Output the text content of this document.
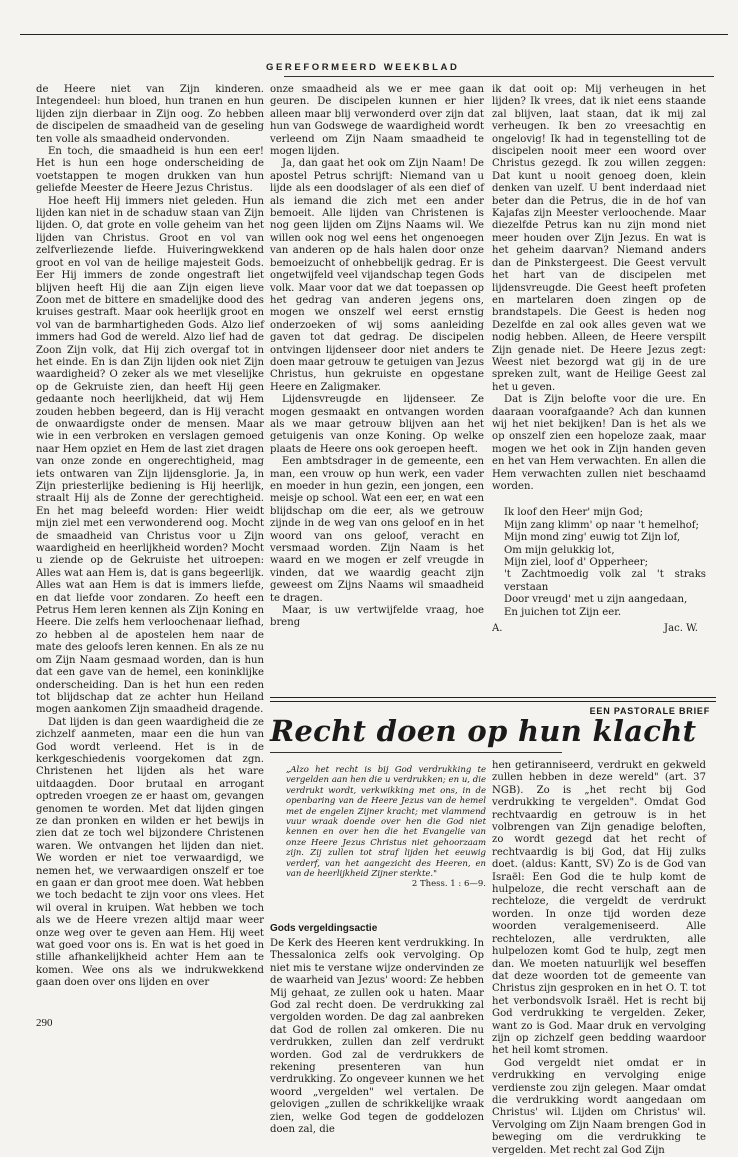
GEREFORMEERD WEEKBLAD

de Heere niet van Zijn kinderen. Integendeel: hun bloed, hun tranen en hun lijden zijn dierbaar in Zijn oog. Zo hebben de discipelen de smaadheid van de geseling ten volle als smaadheid ondervonden.

En toch, die smaadheid is hun een eer! Het is hun een hoge onderscheiding de voetstappen te mogen drukken van hun geliefde Meester de Heere Jezus Christus.

Hoe heeft Hij immers niet geleden. Hun lijden kan niet in de schaduw staan van Zijn lijden. O, dat grote en volle geheim van het lijden van Christus. Groot en vol van zelfverliezende liefde. Huiveringwekkend groot en vol van de heilige majesteit Gods. Eer Hij immers de zonde ongestraft liet blijven heeft Hij die aan Zijn eigen lieve Zoon met de bittere en smadelijke dood des kruises gestraft. Maar ook heerlijk groot en vol van de barmhartigheden Gods. Alzo lief immers had God de wereld. Alzo lief had de Zoon Zijn volk, dat Hij zich overgaf tot in het einde. En is dan Zijn lijden ook niet Zijn waardigheid? O zeker als we met vleselijke op de Gekruiste zien, dan heeft Hij geen gedaante noch heerlijkheid, dat wij Hem zouden hebben begeerd, dan is Hij veracht de onwaardigste onder de mensen. Maar wie in een verbroken en verslagen gemoed naar Hem opziet en Hem de last ziet dragen van onze zonde en ongerechtigheid, mag iets ontwaren van Zijn lijdensglorie. Ja, in Zijn priesterlijke bediening is Hij heerlijk, straalt Hij als de Zonne der gerechtigheid. En het mag beleefd worden: Hier weidt mijn ziel met een verwonderend oog. Mocht de smaadheid van Christus voor u Zijn waardigheid en heerlijkheid worden? Mocht u ziende op de Gekruiste het uitroepen: Alles wat aan Hem is, dat is gans begeerlijk. Alles wat aan Hem is dat is immers liefde, en dat liefde voor zondaren. Zo heeft een Petrus Hem leren kennen als Zijn Koning en Heere. Die zelfs hem verloochenaar liefhad, zo hebben al de apostelen hem naar de mate des geloofs leren kennen. En als ze nu om Zijn Naam gesmaad worden, dan is hun dat een gave van de hemel, een koninklijke onderscheiding. Dan is het hun een reden tot blijdschap dat ze achter hun Heiland mogen aankomen Zijn smaadheid dragende.

Dat lijden is dan geen waardigheid die ze zichzelf aanmeten, maar een die hun van God wordt verleend. Het is in de kerkgeschiedenis voorgekomen dat zgn. Christenen het lijden als het ware uitdaagden. Door brutaal en arrogant optreden vroegen ze er haast om, gevangen genomen te worden. Met dat lijden gingen ze dan pronken en wilden er het bewijs in zien dat ze toch wel bijzondere Christenen waren. We ontvangen het lijden dan niet. We worden er niet toe verwaardigd, we nemen het, we verwaardigen onszelf er toe en gaan er dan groot mee doen. Wat hebben we toch bedacht te zijn voor ons vlees. Het wil overal in kruipen. Wat hebben we toch als we de Heere vrezen altijd maar weer onze weg over te geven aan Hem. Hij weet wat goed voor ons is. En wat is het goed in stille afhankelijkheid achter Hem aan te komen. Wee ons als we indrukwekkend gaan doen over ons lijden en over

onze smaadheid als we er mee gaan geuren. De discipelen kunnen er hier alleen maar blij verwonderd over zijn dat hun van Godswege de waardigheid wordt verleend om Zijn Naam smaadheid te mogen lijden.

Ja, dan gaat het ook om Zijn Naam! De apostel Petrus schrijft: Niemand van u lijde als een doodslager of als een dief of als iemand die zich met een ander bemoeit. Alle lijden van Christenen is nog geen lijden om Zijns Naams wil. We willen ook nog wel eens het ongenoegen van anderen op de hals halen door onze bemoeizucht of onhebbelijk gedrag. Er is ongetwijfeld veel vijandschap tegen Gods volk. Maar voor dat we dat toepassen op het gedrag van anderen jegens ons, mogen we onszelf wel eerst ernstig onderzoeken of wij soms aanleiding gaven tot dat gedrag. De discipelen ontvingen lijdenseer door niet anders te doen maar getrouw te getuigen van Jezus Christus, hun gekruiste en opgestane Heere en Zaligmaker.

Lijdensvreugde en lijdenseer. Ze mogen gesmaakt en ontvangen worden als we maar getrouw blijven aan het getuigenis van onze Koning. Op welke plaats de Heere ons ook geroepen heeft.

Een ambtsdrager in de gemeente, een man, een vrouw op hun werk, een vader en moeder in hun gezin, een jongen, een meisje op school. Wat een eer, en wat een blijdschap om die eer, als we getrouw zijnde in de weg van ons geloof en in het woord van ons geloof, veracht en versmaad worden. Zijn Naam is het waard en we mogen er zelf vreugde in vinden, dat we waardig geacht zijn geweest om Zijns Naams wil smaadheid te dragen.

Maar, is uw vertwijfelde vraag, hoe breng

ik dat ooit op: Mij verheugen in het lijden? Ik vrees, dat ik niet eens staande zal blijven, laat staan, dat ik mij zal verheugen. Ik ben zo vreesachtig en ongelovig! Ik had in tegenstelling tot de discipelen nooit meer een woord over Christus gezegd. Ik zou willen zeggen: Dat kunt u nooit genoeg doen, klein denken van uzelf. U bent inderdaad niet beter dan die Petrus, die in de hof van Kajafas zijn Meester verloochende. Maar diezelfde Petrus kan nu zijn mond niet meer houden over Zijn Jezus. En wat is het geheim daarvan? Niemand anders dan de Pinkstergeest. Die Geest vervult het hart van de discipelen met lijdensvreugde. Die Geest heeft profeten en martelaren doen zingen op de brandstapels. Die Geest is heden nog Dezelfde en zal ook alles geven wat we nodig hebben. Alleen, de Heere verspilt Zijn genade niet. De Heere Jezus zegt: Weest niet bezorgd wat gij in de ure spreken zult, want de Heilige Geest zal het u geven.

Dat is Zijn belofte voor die ure. En daaraan voorafgaande? Ach dan kunnen wij het niet bekijken! Dan is het als we op onszelf zien een hopeloze zaak, maar mogen we het ook in Zijn handen geven en het van Hem verwachten. En allen die Hem verwachten zullen niet beschaamd worden.

Ik loof den Heer' mijn God;
Mijn zang klimm' op naar 't hemelhof;
Mijn mond zing' euwig tot Zijn lof,
Om mijn gelukkig lot,
Mijn ziel, loof d' Opperheer;
't Zachtmoedig volk zal 't straks verstaan
Door vreugd' met u zijn aangedaan,
En juichen tot Zijn eer.
A.	Jac. W.
EEN PASTORALE BRIEF
Recht doen op hun klacht
„Alzo het recht is bij God verdrukking te vergelden aan hen die u verdrukken; en u, die verdrukt wordt, verkwikking met ons, in de openbaring van de Heere Jezus van de hemel met de engelen Zijner kracht; met vlammend vuur wraak doende over hen die God niet kennen en over hen die het Evangelie van onze Heere Jezus Christus niet gehoorzaam zijn. Zij zullen tot straf lijden het eeuwig verderf, van het aangezicht des Heeren, en van de heerlijkheid Zijner sterkte."
2 Thess. 1 : 6—9.
Gods vergeldingsactie

De Kerk des Heeren kent verdrukking. In Thessalonica zelfs ook vervolging. Op niet mis te verstane wijze ondervinden ze de waarheid van Jezus' woord: Ze hebben Mij gehaat, ze zullen ook u haten. Maar God zal recht doen. De verdrukking zal vergolden worden. De dag zal aanbreken dat God de rollen zal omkeren. Die nu verdrukken, zullen dan zelf verdrukt worden. God zal de verdrukkers de rekening presenteren van hun verdrukking. Zo ongeveer kunnen we het woord „vergelden" wel vertalen. De gelovigen „zullen de schrikkelijke wraak zien, welke God tegen de goddelozen doen zal, die

hen getiranniseerd, verdrukt en gekweld zullen hebben in deze wereld" (art. 37 NGB). Zo is „het recht bij God verdrukking te vergelden". Omdat God rechtvaardig en getrouw is in het volbrengen van Zijn genadige beloften, zo wordt gezegd dat het recht of rechtvaardig is bij God, dat Hij zulks doet. (aldus: Kantt, SV) Zo is de God van Israël: Een God die te hulp komt de hulpeloze, die recht verschaft aan de rechteloze, die vergeldt de verdrukt worden. In onze tijd worden deze woorden veralgemeniseerd. Alle rechtelozen, alle verdrukten, alle hulpelozen komt God te hulp, zegt men dan. We moeten natuurlijk wel beseffen dat deze woorden tot de gemeente van Christus zijn gesproken en in het O. T. tot het verbondsvolk Israël. Het is recht bij God verdrukking te vergelden. Zeker, want zo is God. Maar druk en vervolging zijn op zichzelf geen bedding waardoor het heil komt stromen.

God vergeldt niet omdat er in verdrukking en vervolging enige verdienste zou zijn gelegen. Maar omdat die verdrukking wordt aangedaan om Christus' wil. Lijden om Christus' wil. Vervolging om Zijn Naam brengen God in beweging om die verdrukking te vergelden. Met recht zal God Zijn

290
